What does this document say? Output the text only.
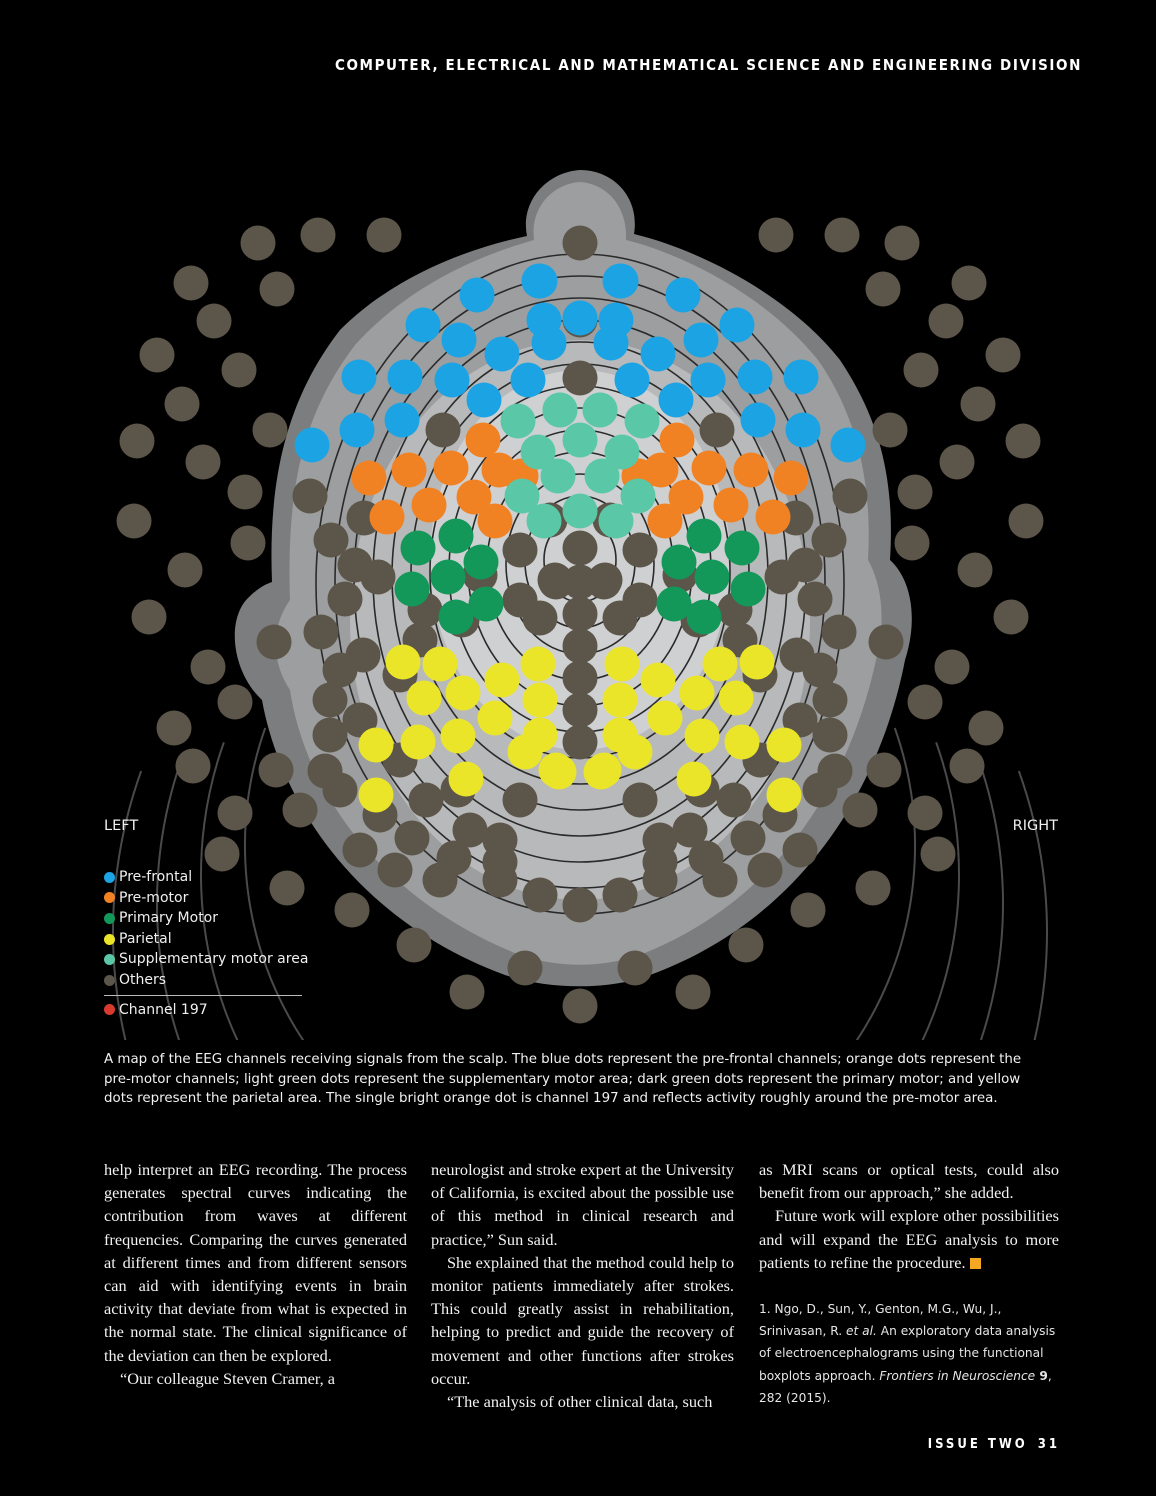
COMPUTER, ELECTRICAL AND MATHEMATICAL SCIENCE AND ENGINEERING DIVISION
LEFT	RIGHT
Pre-frontal
Pre-motor
Primary Motor
Parietal
Supplementary motor area
Others
Channel 197

A map of the EEG channels receiving signals from the scalp. The blue dots represent the pre-frontal channels; orange dots represent the

pre-motor channels; light green dots represent the supplementary motor area; dark green dots represent the primary motor; and yellow

dots represent the parietal area. The single bright orange dot is channel 197 and reflects activity roughly around the pre-motor area.

help interpret an EEG recording. The process generates spectral curves indicating the contribution from waves at different frequencies. Comparing the curves generated at different times and from different sensors can aid with identifying events in brain activity that deviate from what is expected in the normal state. The clinical significance of the deviation can then be explored.

“Our colleague Steven Cramer, a

neurologist and stroke expert at the University of California, is excited about the possible use of this method in clinical research and practice,” Sun said.

She explained that the method could help to monitor patients immediately after strokes. This could greatly assist in rehabilitation, helping to predict and guide the recovery of movement and other functions after strokes occur.

“The analysis of other clinical data, such

as MRI scans or optical tests, could also benefit from our approach,” she added.

Future work will explore other possibilities and will expand the EEG analysis to more patients to refine the procedure.

1. Ngo, D., Sun, Y., Genton, M.G., Wu, J., Srinivasan, R. et al. An exploratory data analysis of electroencephalograms using the functional boxplots approach. Frontiers in Neuroscience 9, 282 (2015).
ISSUE TWO 31
